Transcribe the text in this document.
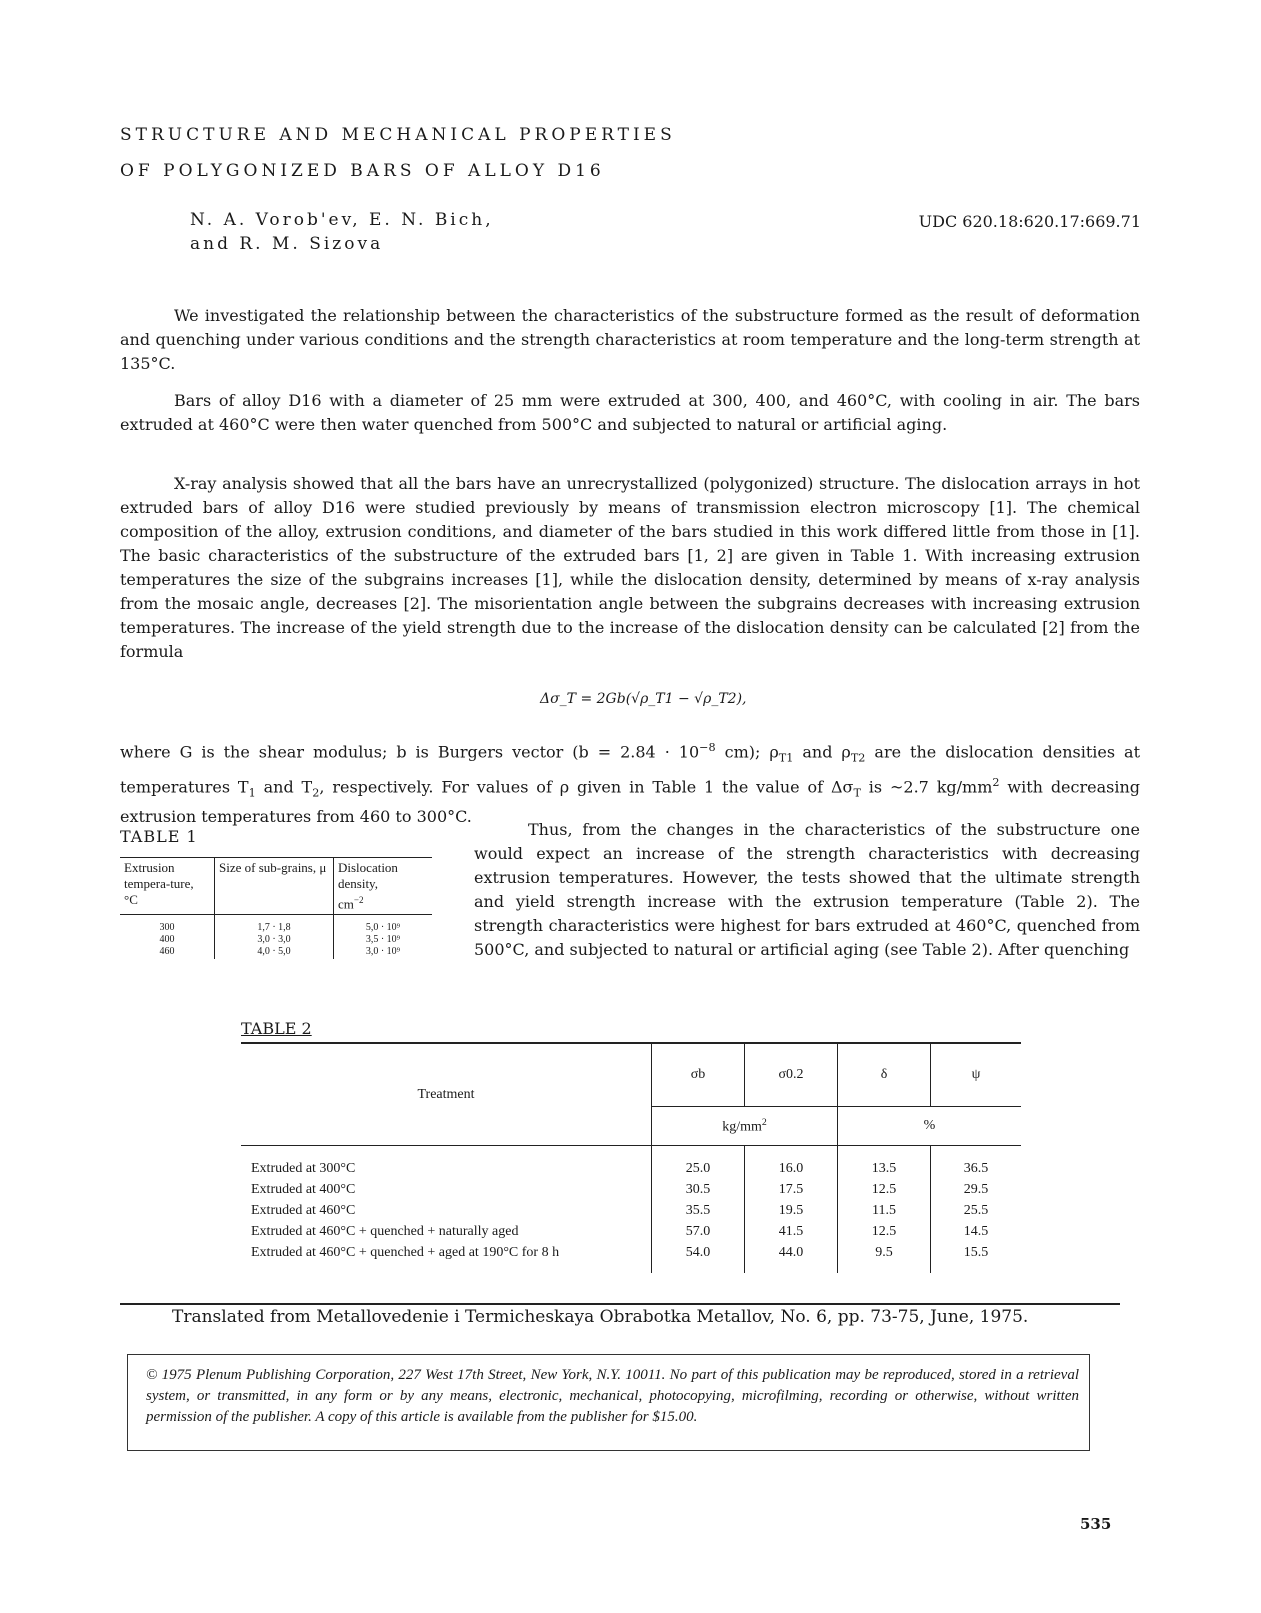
STRUCTURE AND MECHANICAL PROPERTIES
OF POLYGONIZED BARS OF ALLOY D16
N. A. Vorob'ev, E. N. Bich,
and R. M. Sizova
UDC 620.18:620.17:669.71

We investigated the relationship between the characteristics of the substructure formed as the result of deformation and quenching under various conditions and the strength characteristics at room temperature and the long-term strength at 135°C.

Bars of alloy D16 with a diameter of 25 mm were extruded at 300, 400, and 460°C, with cooling in air. The bars extruded at 460°C were then water quenched from 500°C and subjected to natural or artificial aging.

X-ray analysis showed that all the bars have an unrecrystallized (polygonized) structure. The dislocation arrays in hot extruded bars of alloy D16 were studied previously by means of transmission electron microscopy [1]. The chemical composition of the alloy, extrusion conditions, and diameter of the bars studied in this work differed little from those in [1]. The basic characteristics of the substructure of the extruded bars [1, 2] are given in Table 1. With increasing extrusion temperatures the size of the subgrains increases [1], while the dislocation density, determined by means of x-ray analysis from the mosaic angle, decreases [2]. The misorientation angle between the subgrains decreases with increasing extrusion temperatures. The increase of the yield strength due to the increase of the dislocation density can be calculated [2] from the formula

Δσ_T = 2Gb(√ρ_T1 − √ρ_T2),

where G is the shear modulus; b is Burgers vector ($b = 2.84 \cdot 10^{-8}$ cm); $\rho_{T1}$ and $\rho_{T2}$ are the dislocation densities at temperatures $T_1$ and $T_2$, respectively. For values of ρ given in Table 1 the value of $\Delta\sigma_T$ is ~2.7 $kg/mm^2$ with decreasing extrusion temperatures from 460 to 300°C.

TABLE 1
Extrusion tempera-ture, °C	Size of sub-grains, μ	Dislocation density,
$cm^{-2}$
300	1,7 · 1,8	5,0 · 10⁹
400	3,0 · 3,0	3,5 · 10⁹
460	4,0 · 5,0	3,0 · 10⁹

Thus, from the changes in the characteristics of the substructure one would expect an increase of the strength characteristics with decreasing extrusion temperatures. However, the tests showed that the ultimate strength and yield strength increase with the extrusion temperature (Table 2). The strength characteristics were highest for bars extruded at 460°C, quenched from 500°C, and subjected to natural or artificial aging (see Table 2). After quenching

TABLE 2
Treatment	σb	σ0.2	δ	ψ
	$kg/mm^2$		%	
Extruded at 300°C	25.0	16.0	13.5	36.5
Extruded at 400°C	30.5	17.5	12.5	29.5
Extruded at 460°C	35.5	19.5	11.5	25.5
Extruded at 460°C + quenched + naturally aged	57.0	41.5	12.5	14.5
Extruded at 460°C + quenched + aged at 190°C for 8 h	54.0	44.0	9.5	15.5
Translated from Metallovedenie i Termicheskaya Obrabotka Metallov, No. 6, pp. 73-75, June, 1975.
© 1975 Plenum Publishing Corporation, 227 West 17th Street, New York, N.Y. 10011. No part of this publication may be reproduced, stored in a retrieval system, or transmitted, in any form or by any means, electronic, mechanical, photocopying, microfilming, recording or otherwise, without written permission of the publisher. A copy of this article is available from the publisher for $15.00.
535
